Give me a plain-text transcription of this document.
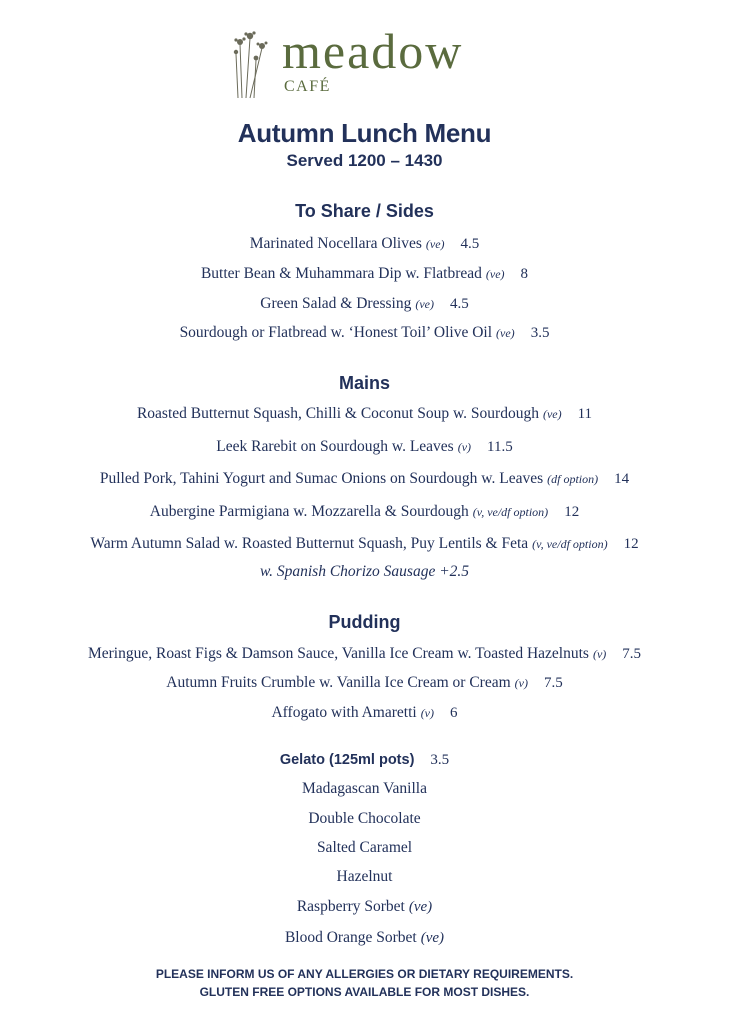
meadow
CAFÉ
Autumn Lunch Menu
Served 1200 – 1430
To Share / Sides
Marinated Nocellara Olives (ve) 4.5
Butter Bean & Muhammara Dip w. Flatbread (ve) 8
Green Salad & Dressing (ve) 4.5
Sourdough or Flatbread w. ‘Honest Toil’ Olive Oil (ve) 3.5
Mains
Roasted Butternut Squash, Chilli & Coconut Soup w. Sourdough (ve) 11
Leek Rarebit on Sourdough w. Leaves (v) 11.5
Pulled Pork, Tahini Yogurt and Sumac Onions on Sourdough w. Leaves (df option) 14
Aubergine Parmigiana w. Mozzarella & Sourdough (v, ve/df option) 12
Warm Autumn Salad w. Roasted Butternut Squash, Puy Lentils & Feta (v, ve/df option) 12
w. Spanish Chorizo Sausage +2.5
Pudding
Meringue, Roast Figs & Damson Sauce, Vanilla Ice Cream w. Toasted Hazelnuts (v) 7.5
Autumn Fruits Crumble w. Vanilla Ice Cream or Cream (v) 7.5
Affogato with Amaretti (v) 6
Gelato (125ml pots) 3.5
Madagascan Vanilla
Double Chocolate
Salted Caramel
Hazelnut
Raspberry Sorbet (ve)
Blood Orange Sorbet (ve)
PLEASE INFORM US OF ANY ALLERGIES OR DIETARY REQUIREMENTS.
GLUTEN FREE OPTIONS AVAILABLE FOR MOST DISHES.
